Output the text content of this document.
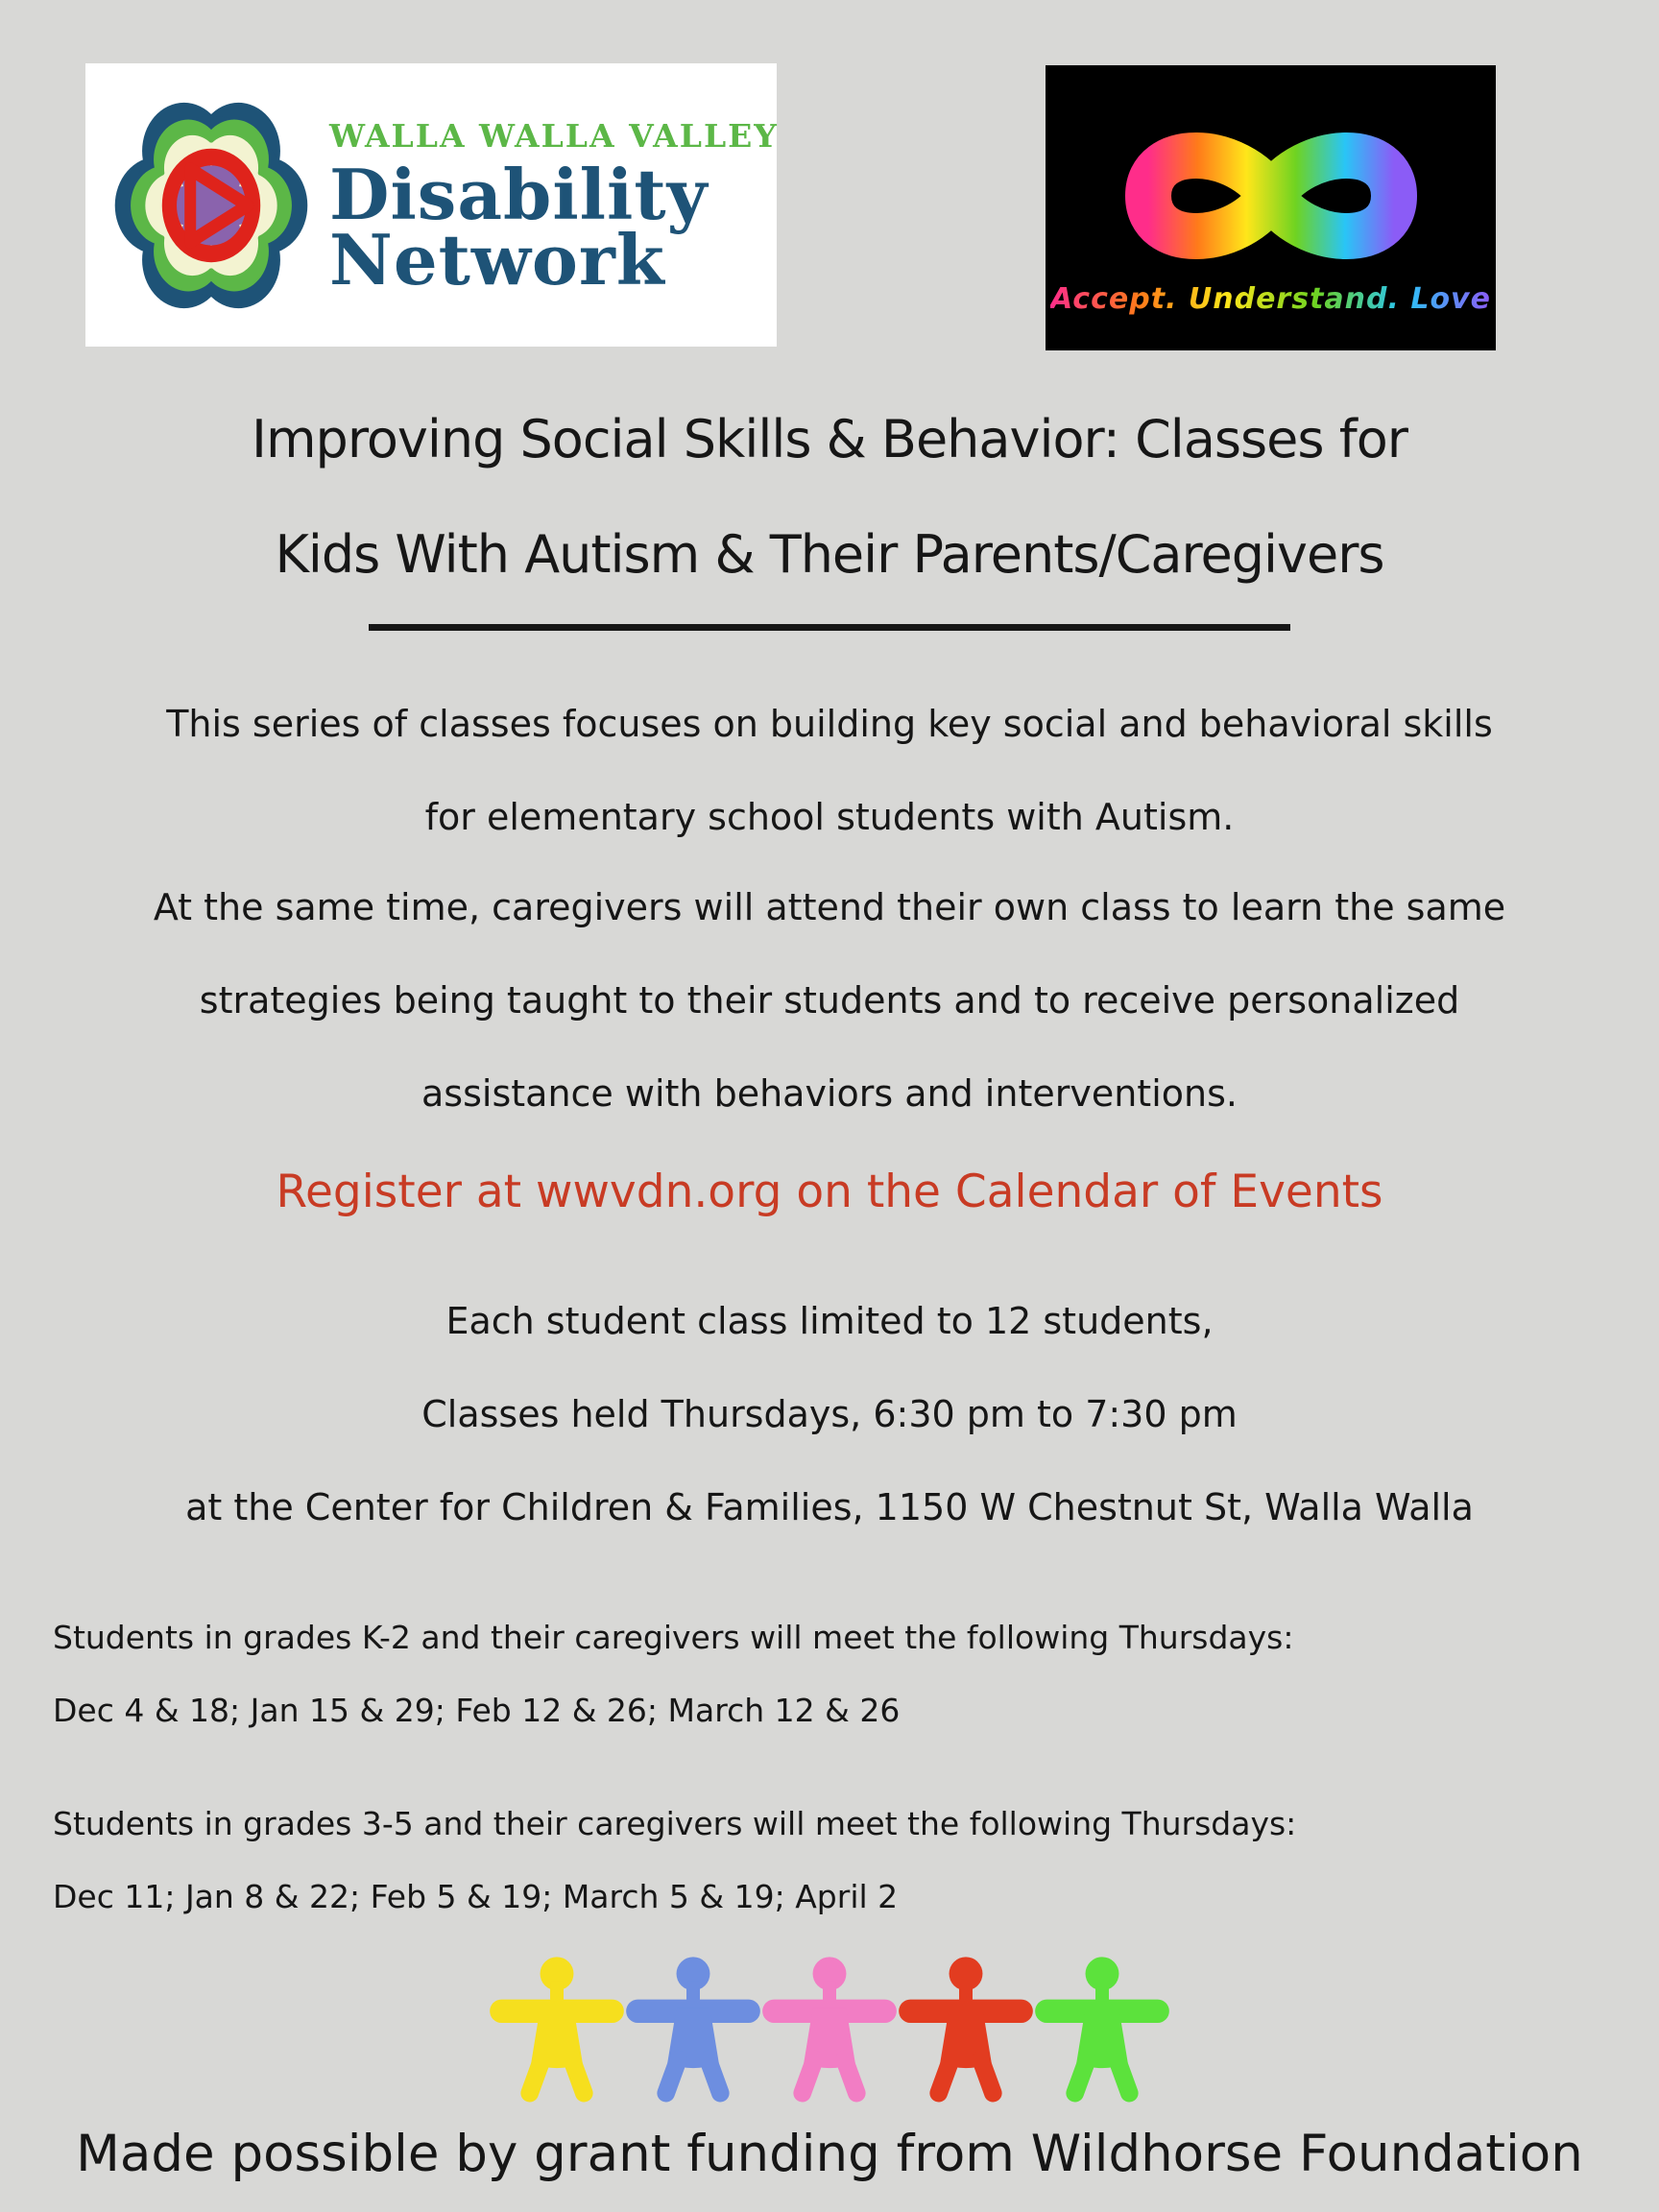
WALLA WALLA VALLEY
Disability
Network	Accept. Understand. Love
Improving Social Skills & Behavior: Classes for
Kids With Autism & Their Parents/Caregivers
This series of classes focuses on building key social and behavioral skills
for elementary school students with Autism.
At the same time, caregivers will attend their own class to learn the same
strategies being taught to their students and to receive personalized
assistance with behaviors and interventions.
Register at wwvdn.org on the Calendar of Events
Each student class limited to 12 students,
Classes held Thursdays, 6:30 pm to 7:30 pm
at the Center for Children & Families, 1150 W Chestnut St, Walla Walla
Students in grades K-2 and their caregivers will meet the following Thursdays:
Dec 4 & 18; Jan 15 & 29; Feb 12 & 26; March 12 & 26
Students in grades 3-5 and their caregivers will meet the following Thursdays:
Dec 11; Jan 8 & 22; Feb 5 & 19; March 5 & 19; April 2
Made possible by grant funding from Wildhorse Foundation
